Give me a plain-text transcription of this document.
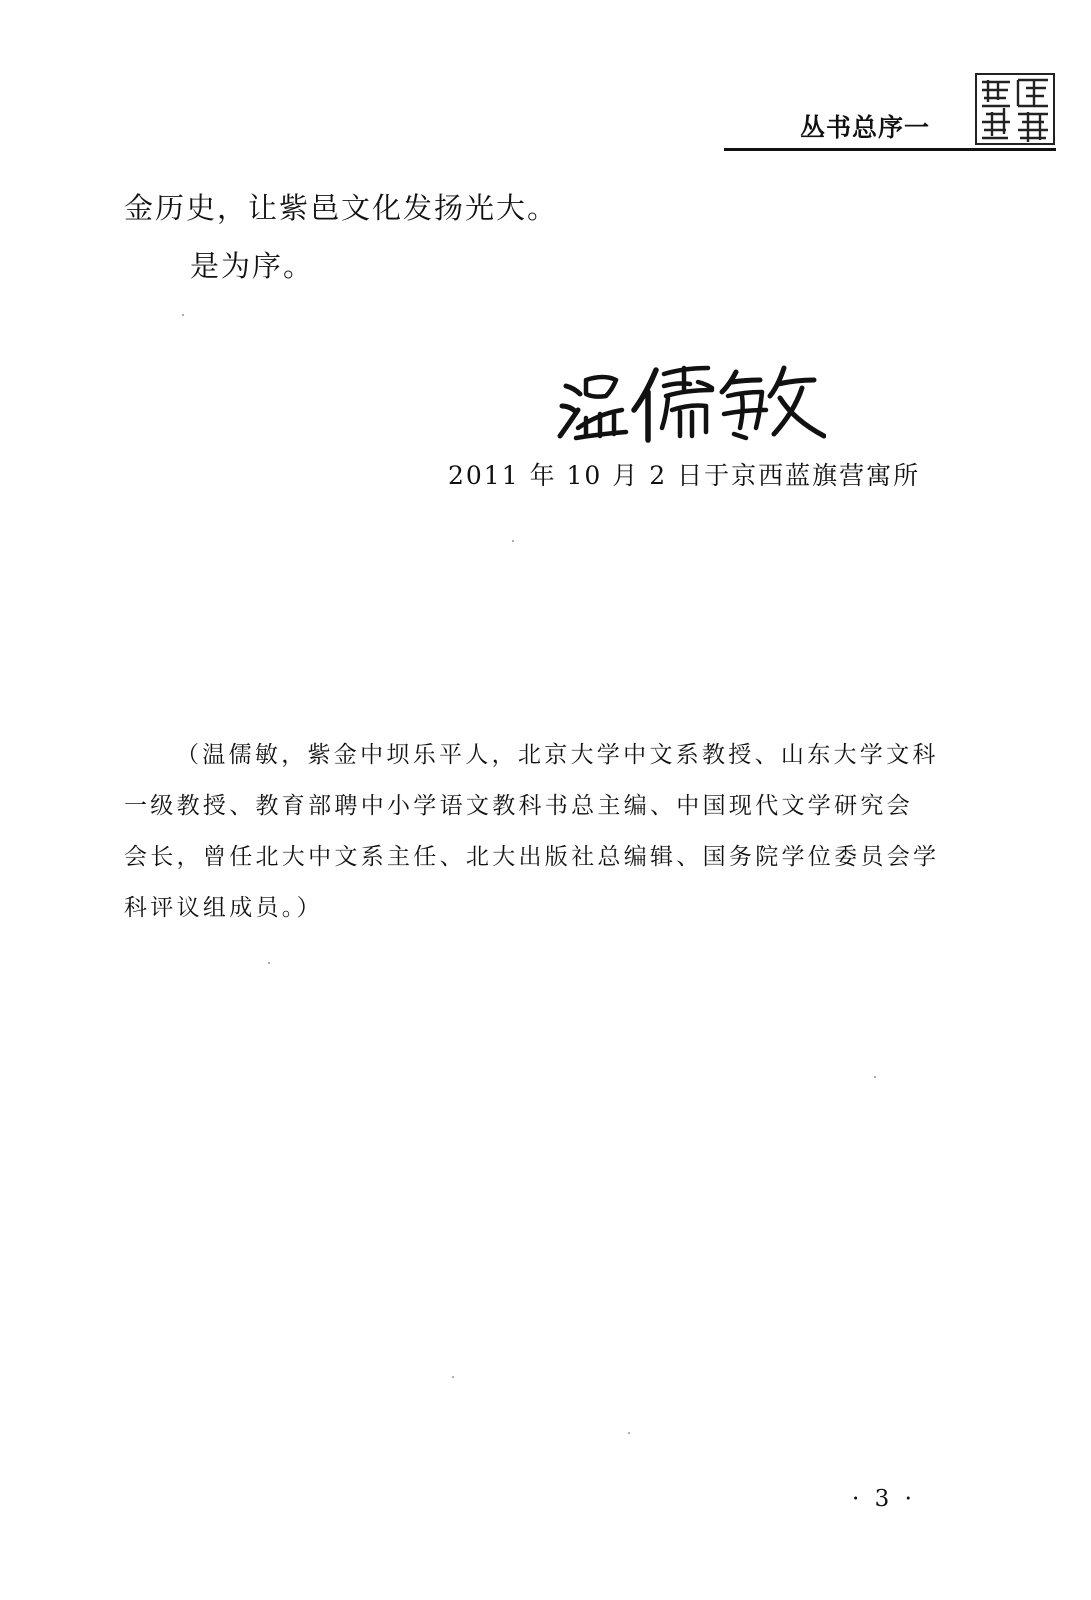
丛书总序一
金历史，让紫邑文化发扬光大。
是为序。
2011 年 10 月 2 日于京西蓝旗营寓所
（温儒敏，紫金中坝乐平人，北京大学中文系教授、山东大学文科
一级教授、教育部聘中小学语文教科书总主编、中国现代文学研究会
会长，曾任北大中文系主任、北大出版社总编辑、国务院学位委员会学
科评议组成员。）
· 3 ·
